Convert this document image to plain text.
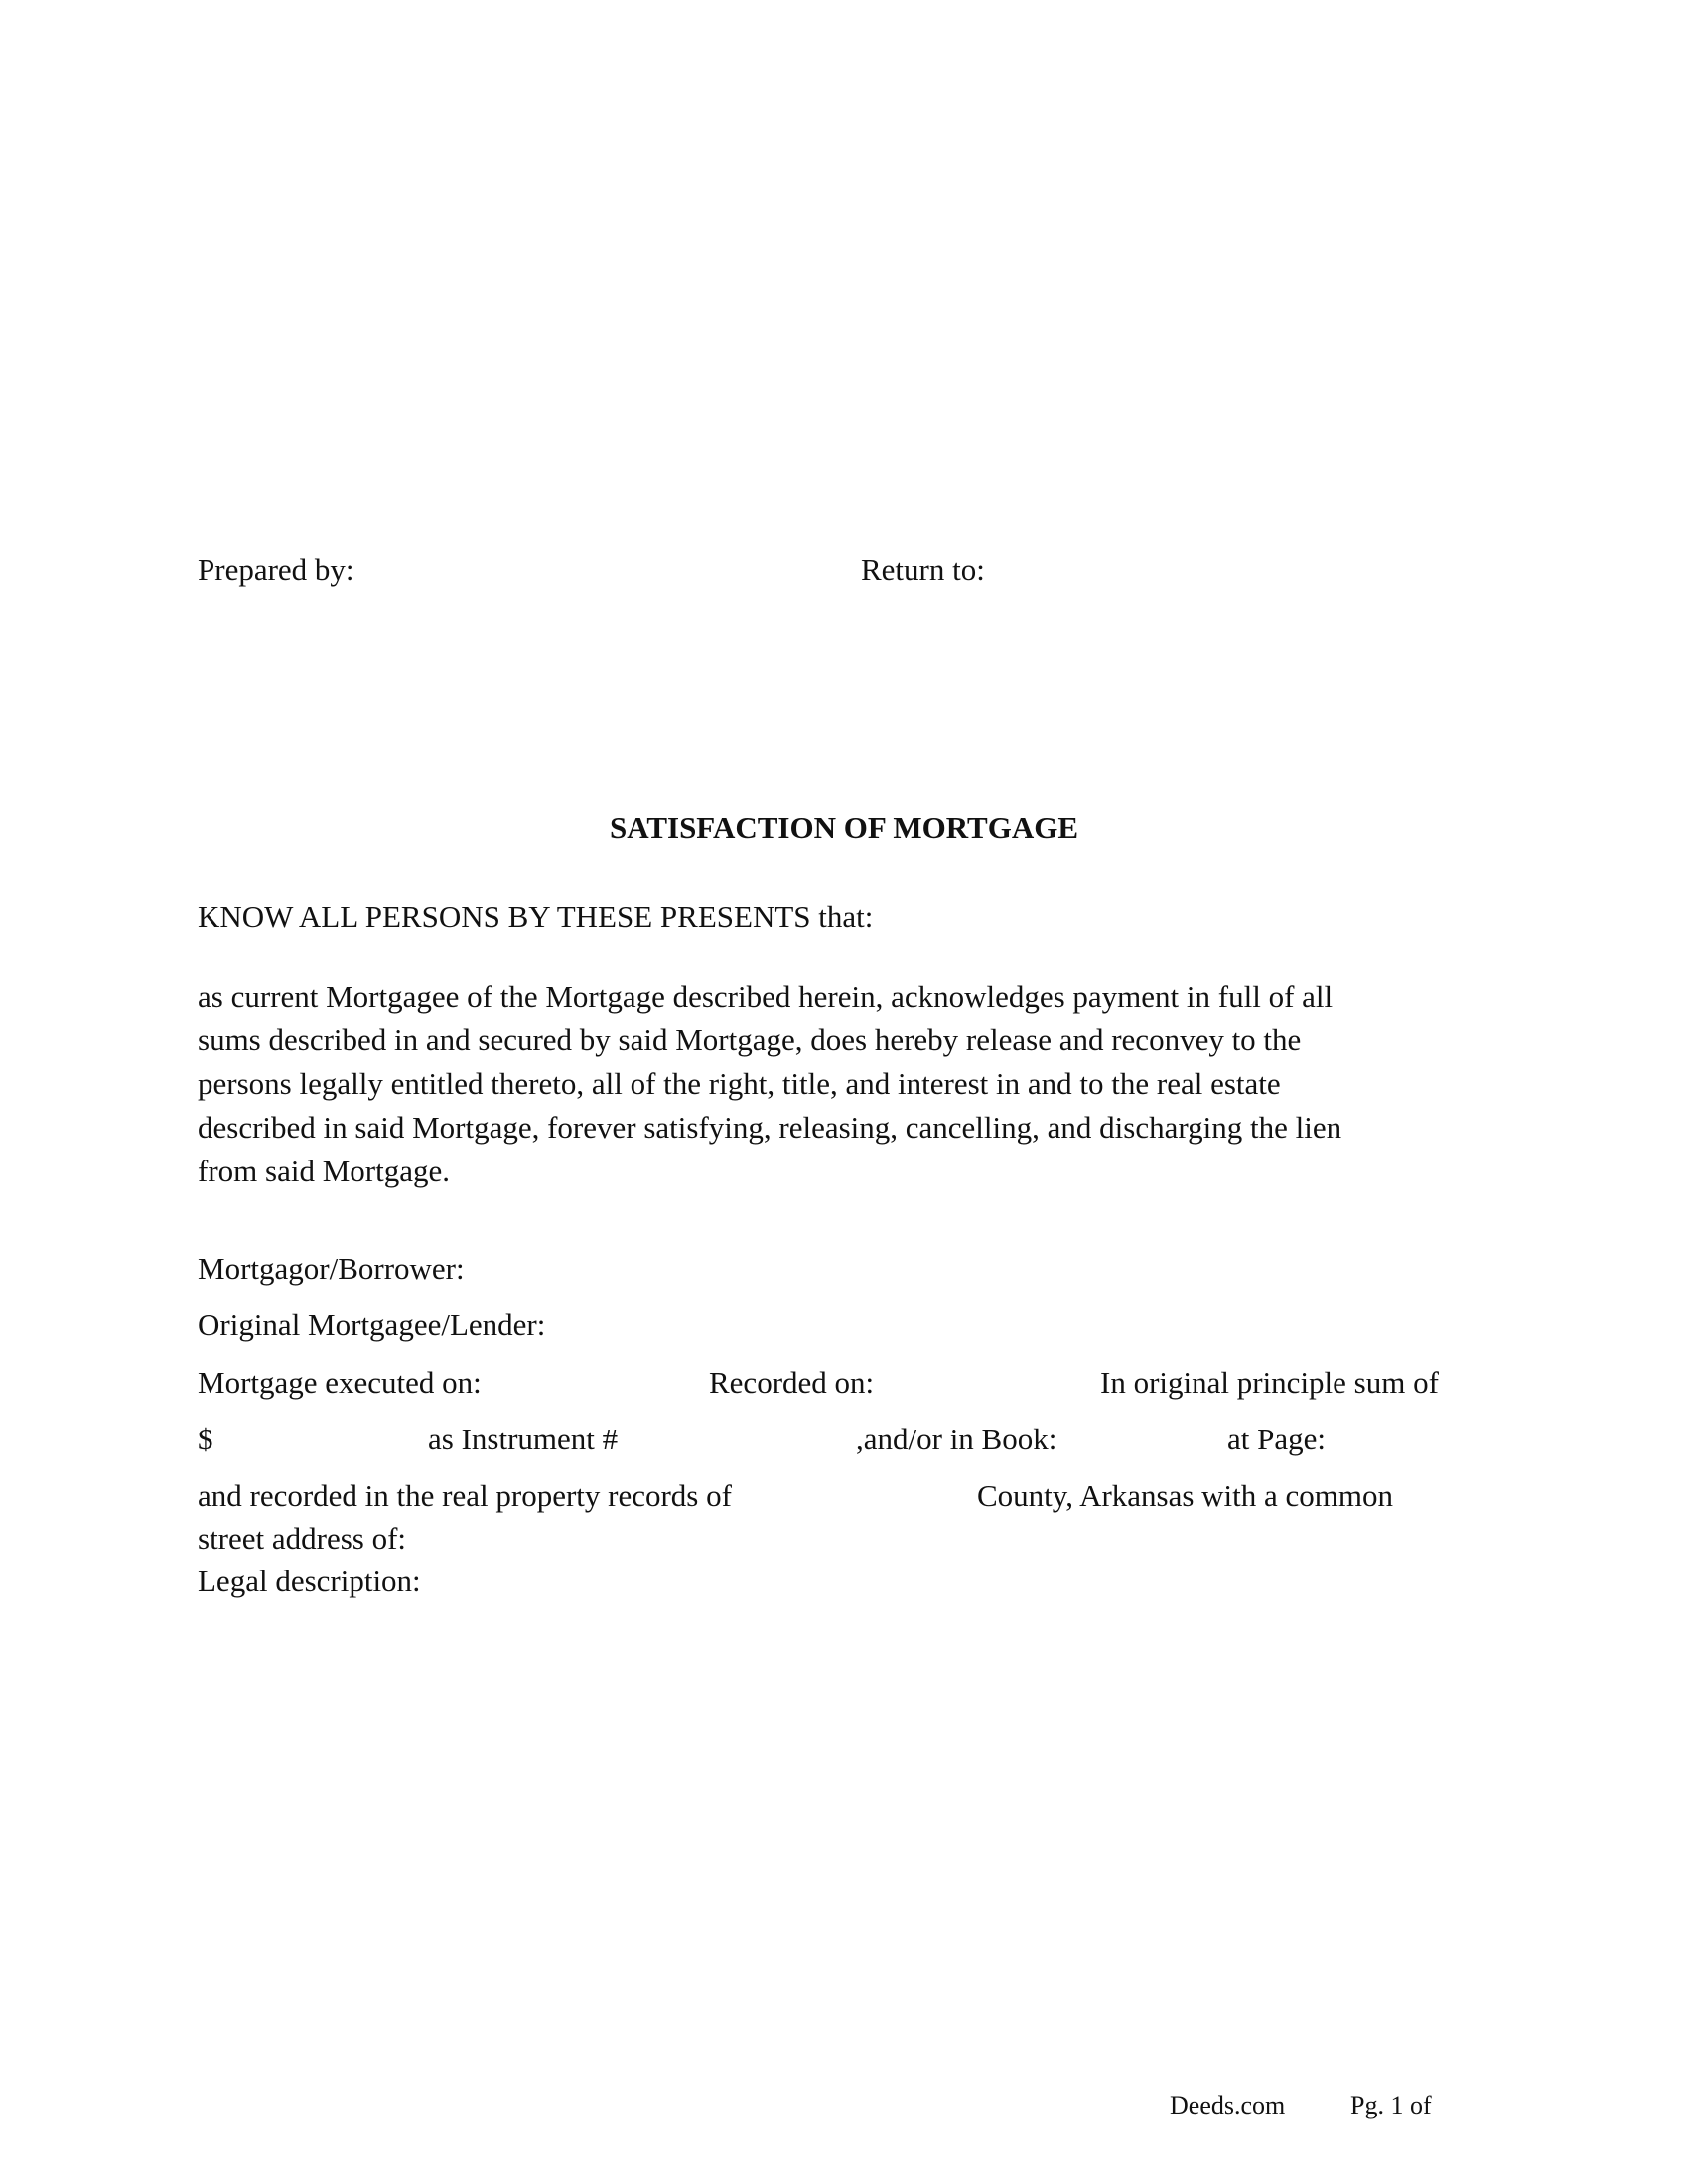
Prepared by:	Return to:
SATISFACTION OF MORTGAGE
KNOW ALL PERSONS BY THESE PRESENTS that:
as current Mortgagee of the Mortgage described herein, acknowledges payment in full of all
sums described in and secured by said Mortgage, does hereby release and reconvey to the
persons legally entitled thereto, all of the right, title, and interest in and to the real estate
described in said Mortgage, forever satisfying, releasing, cancelling, and discharging the lien
from said Mortgage.
Mortgagor/Borrower:
Original Mortgagee/Lender:
Mortgage executed on:	Recorded on:	In original principle sum of
$	as Instrument #	,and/or in Book:	at Page:
and recorded in the real property records of	County, Arkansas with a common
street address of:
Legal description:
Deeds.com	Pg. 1 of
